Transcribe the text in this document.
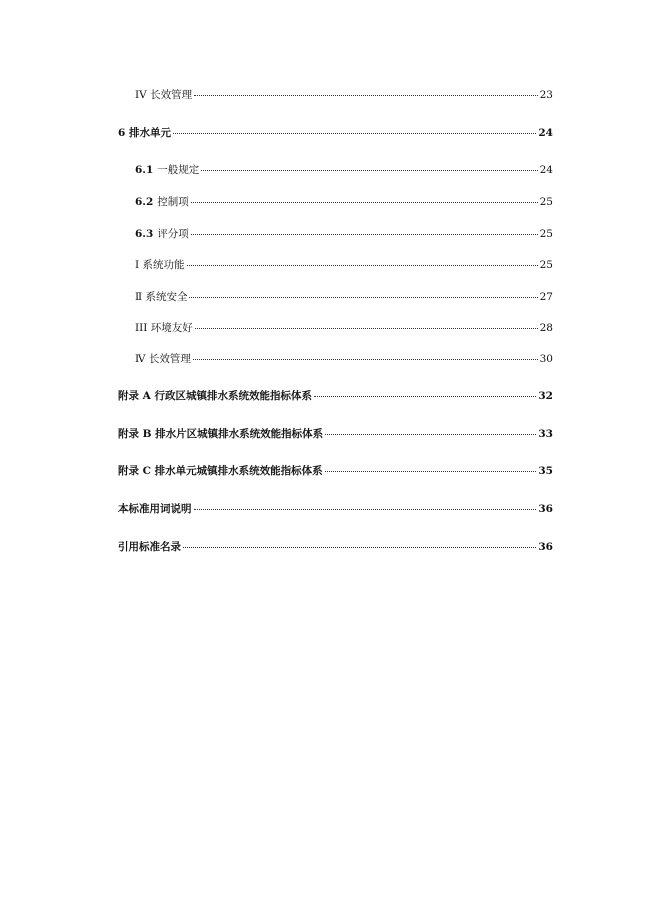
IV 长效管理	23
6 排水单元	24
6.1 一般规定	24
6.2 控制项	25
6.3 评分项	25
I 系统功能	25
Ⅱ 系统安全	27
III 环境友好	28
Ⅳ 长效管理	30
附录 A 行政区城镇排水系统效能指标体系	32
附录 B 排水片区城镇排水系统效能指标体系	33
附录 C 排水单元城镇排水系统效能指标体系	35
本标准用词说明	36
引用标准名录	36
